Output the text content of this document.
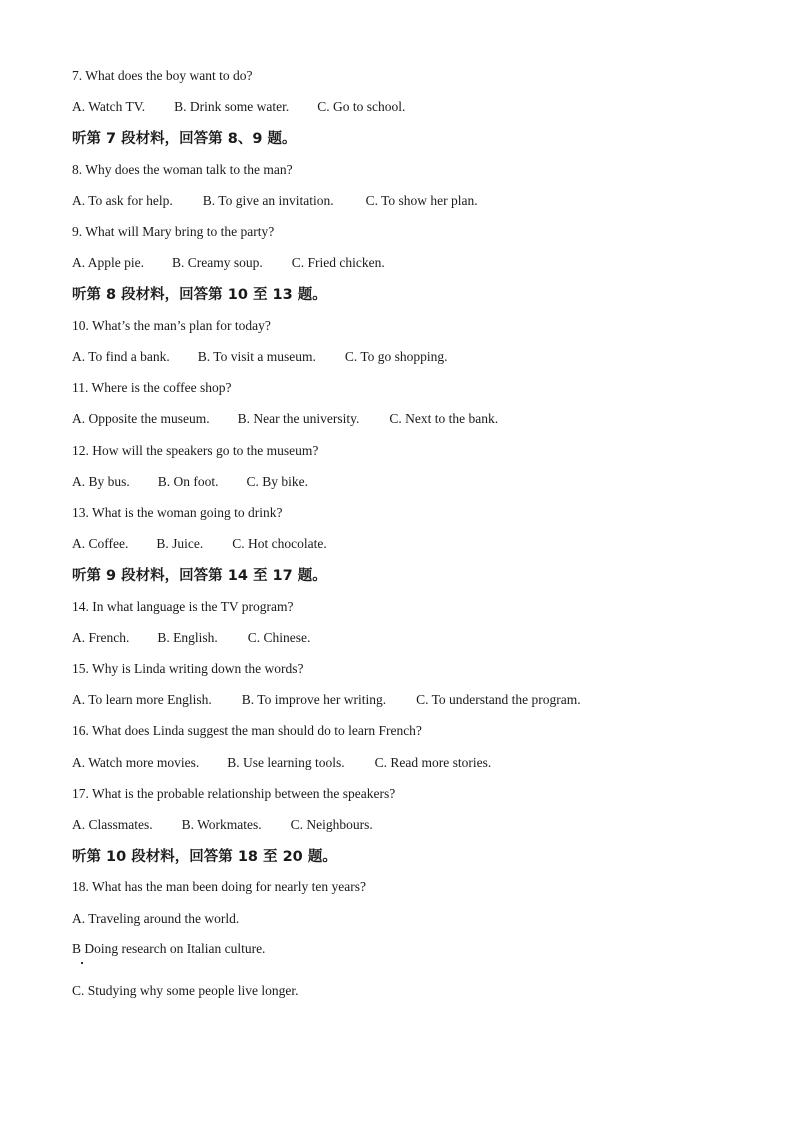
7. What does the boy want to do?
A. Watch TV. B. Drink some water. C. Go to school.
听第 7 段材料，回答第 8、9 题。
8. Why does the woman talk to the man?
A. To ask for help. B. To give an invitation. C. To show her plan.
9. What will Mary bring to the party?
A. Apple pie. B. Creamy soup. C. Fried chicken.
听第 8 段材料，回答第 10 至 13 题。
10. What’s the man’s plan for today?
A. To find a bank. B. To visit a museum. C. To go shopping.
11. Where is the coffee shop?
A. Opposite the museum. B. Near the university. C. Next to the bank.
12. How will the speakers go to the museum?
A. By bus. B. On foot. C. By bike.
13. What is the woman going to drink?
A. Coffee. B. Juice. C. Hot chocolate.
听第 9 段材料，回答第 14 至 17 题。
14. In what language is the TV program?
A. French. B. English. C. Chinese.
15. Why is Linda writing down the words?
A. To learn more English. B. To improve her writing. C. To understand the program.
16. What does Linda suggest the man should do to learn French?
A. Watch more movies. B. Use learning tools. C. Read more stories.
17. What is the probable relationship between the speakers?
A. Classmates. B. Workmates. C. Neighbours.
听第 10 段材料，回答第 18 至 20 题。
18. What has the man been doing for nearly ten years?
A. Traveling around the world.
B Doing research on Italian culture.
C. Studying why some people live longer.
